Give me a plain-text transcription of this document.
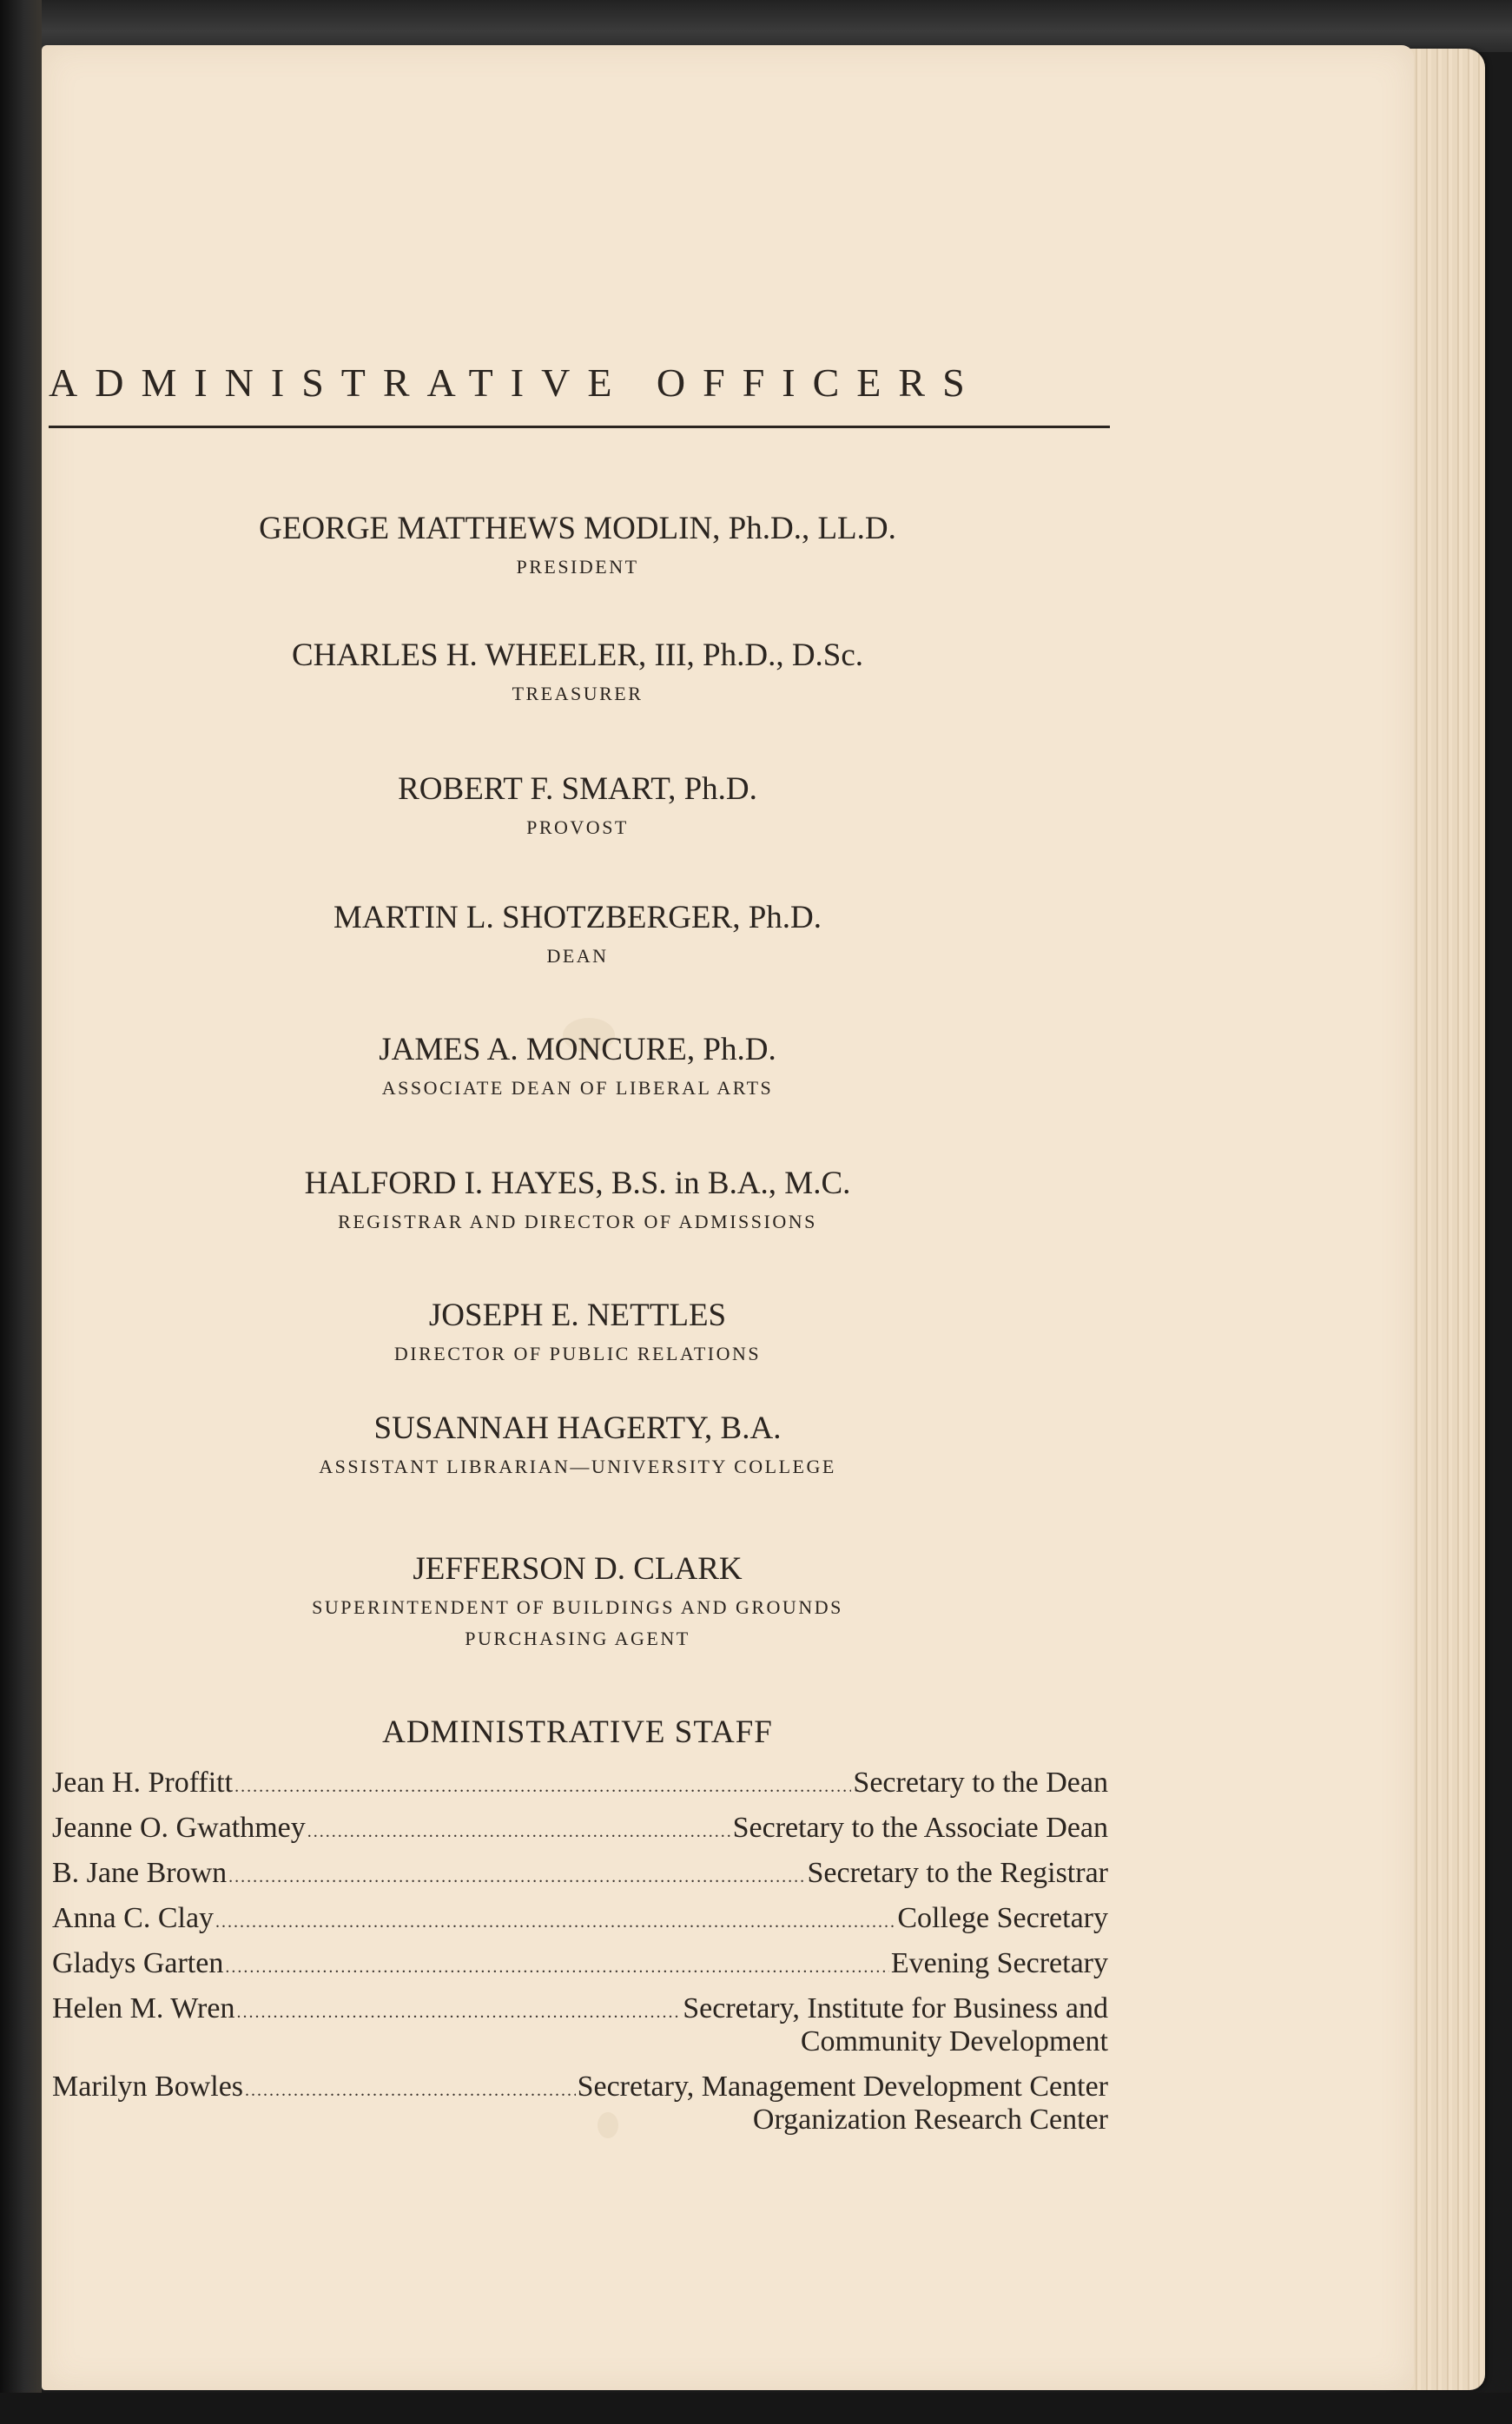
ADMINISTRATIVE OFFICERS
GEORGE MATTHEWS MODLIN, Ph.D., LL.D.
PRESIDENT
CHARLES H. WHEELER, III, Ph.D., D.Sc.
TREASURER
ROBERT F. SMART, Ph.D.
PROVOST
MARTIN L. SHOTZBERGER, Ph.D.
DEAN
JAMES A. MONCURE, Ph.D.
ASSOCIATE DEAN OF LIBERAL ARTS
HALFORD I. HAYES, B.S. in B.A., M.C.
REGISTRAR AND DIRECTOR OF ADMISSIONS
JOSEPH E. NETTLES
DIRECTOR OF PUBLIC RELATIONS
SUSANNAH HAGERTY, B.A.
ASSISTANT LIBRARIAN—UNIVERSITY COLLEGE
JEFFERSON D. CLARK
SUPERINTENDENT OF BUILDINGS AND GROUNDS
PURCHASING AGENT
ADMINISTRATIVE STAFF
Jean H. Proffitt .....	Secretary to the Dean
Jeanne O. Gwathmey .....	Secretary to the Associate Dean
B. Jane Brown .....	Secretary to the Registrar
Anna C. Clay .....	College Secretary
Gladys Garten .....	Evening Secretary
Helen M. Wren .....	Secretary, Institute for Business and
Community Development
Marilyn Bowles .....	Secretary, Management Development Center
Organization Research Center
